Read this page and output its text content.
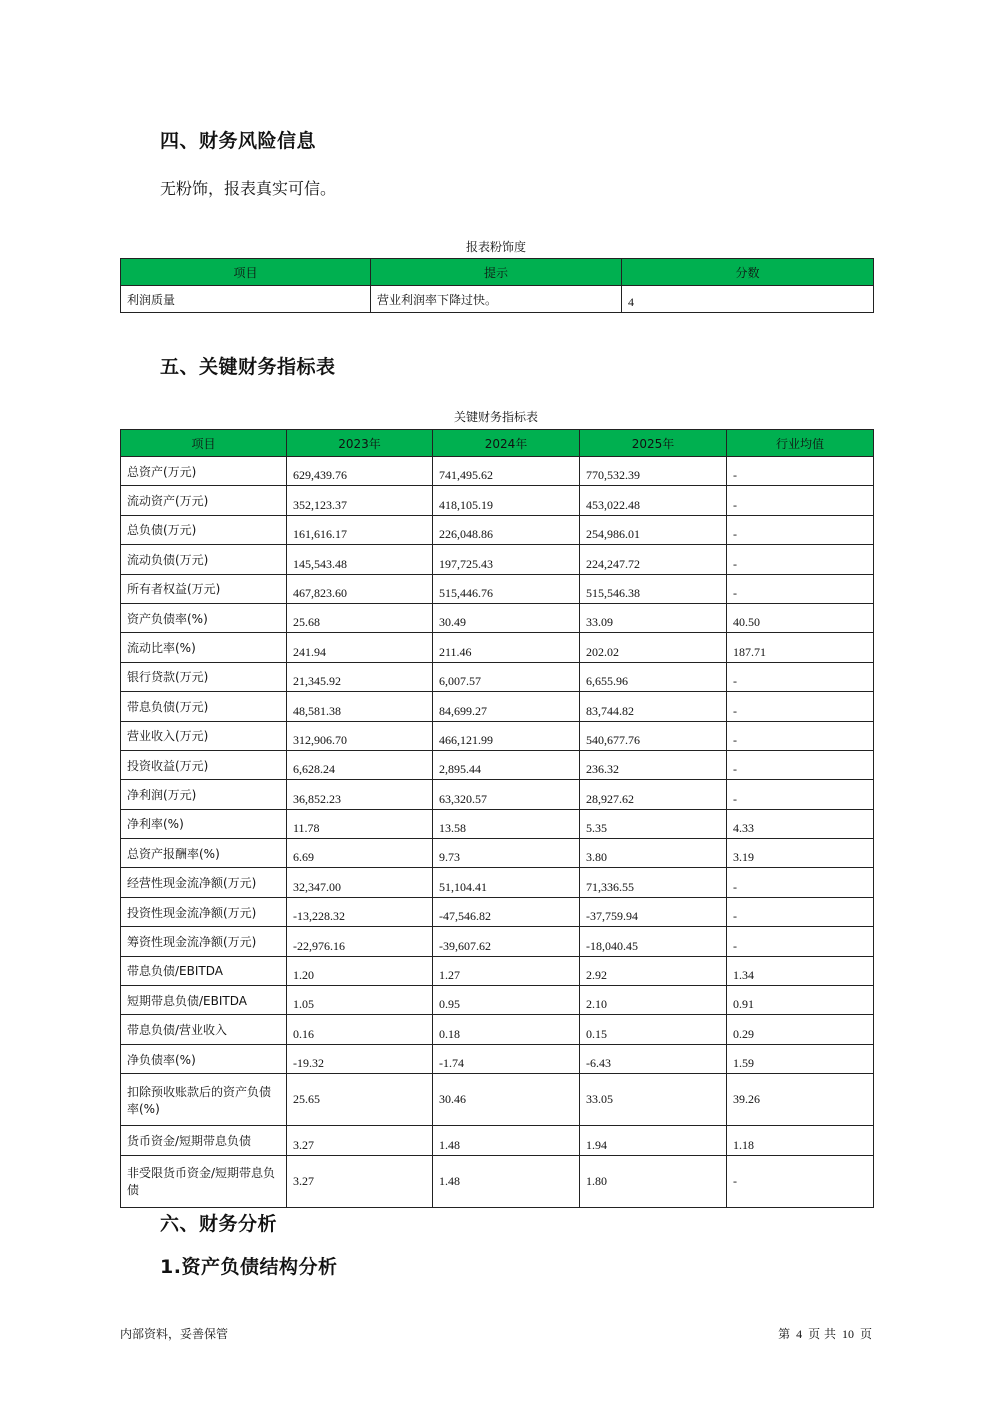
四、财务风险信息
无粉饰，报表真实可信。
报表粉饰度
项目	提示	分数
利润质量	营业利润率下降过快。	4
五、关键财务指标表
关键财务指标表
项目	2023年	2024年	2025年	行业均值
总资产(万元)	629,439.76	741,495.62	770,532.39	-
流动资产(万元)	352,123.37	418,105.19	453,022.48	-
总负债(万元)	161,616.17	226,048.86	254,986.01	-
流动负债(万元)	145,543.48	197,725.43	224,247.72	-
所有者权益(万元)	467,823.60	515,446.76	515,546.38	-
资产负债率(%)	25.68	30.49	33.09	40.50
流动比率(%)	241.94	211.46	202.02	187.71
银行贷款(万元)	21,345.92	6,007.57	6,655.96	-
带息负债(万元)	48,581.38	84,699.27	83,744.82	-
营业收入(万元)	312,906.70	466,121.99	540,677.76	-
投资收益(万元)	6,628.24	2,895.44	236.32	-
净利润(万元)	36,852.23	63,320.57	28,927.62	-
净利率(%)	11.78	13.58	5.35	4.33
总资产报酬率(%)	6.69	9.73	3.80	3.19
经营性现金流净额(万元)	32,347.00	51,104.41	71,336.55	-
投资性现金流净额(万元)	-13,228.32	-47,546.82	-37,759.94	-
筹资性现金流净额(万元)	-22,976.16	-39,607.62	-18,040.45	-
带息负债/EBITDA	1.20	1.27	2.92	1.34
短期带息负债/EBITDA	1.05	0.95	2.10	0.91
带息负债/营业收入	0.16	0.18	0.15	0.29
净负债率(%)	-19.32	-1.74	-6.43	1.59
扣除预收账款后的资产负债率(%)	25.65	30.46	33.05	39.26
货币资金/短期带息负债	3.27	1.48	1.94	1.18
非受限货币资金/短期带息负债	3.27	1.48	1.80	-
六、财务分析
1.资产负债结构分析
内部资料，妥善保管	第 4 页 共 10 页
